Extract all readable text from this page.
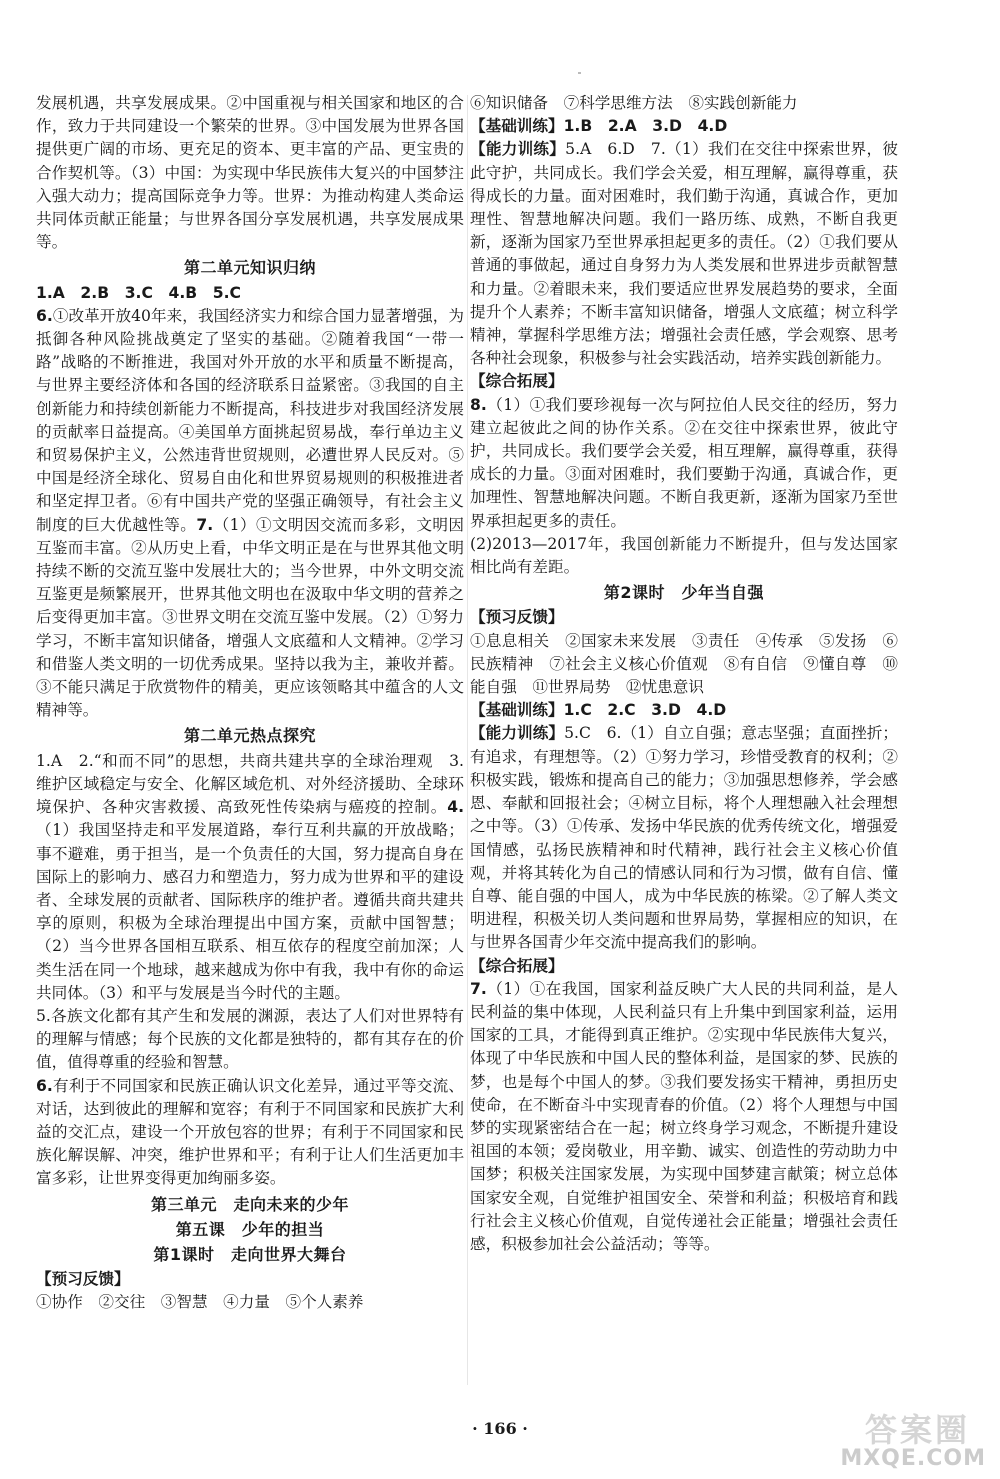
发展机遇，共享发展成果。②中国重视与相关国家和地区的合作，致力于共同建设一个繁荣的世界。③中国发展为世界各国提供更广阔的市场、更充足的资本、更丰富的产品、更宝贵的合作契机等。（3）中国：为实现中华民族伟大复兴的中国梦注入强大动力；提高国际竞争力等。世界：为推动构建人类命运共同体贡献正能量；与世界各国分享发展机遇，共享发展成果等。

第二单元知识归纳

1.A　2.B　3.C　4.B　5.C

6.①改革开放40年来，我国经济实力和综合国力显著增强，为抵御各种风险挑战奠定了坚实的基础。②随着我国“一带一路”战略的不断推进，我国对外开放的水平和质量不断提高，与世界主要经济体和各国的经济联系日益紧密。③我国的自主创新能力和持续创新能力不断提高，科技进步对我国经济发展的贡献率日益提高。④美国单方面挑起贸易战，奉行单边主义和贸易保护主义，公然违背世贸规则，必遭世界人民反对。⑤中国是经济全球化、贸易自由化和世界贸易规则的积极推进者和坚定捍卫者。⑥有中国共产党的坚强正确领导，有社会主义制度的巨大优越性等。7.（1）①文明因交流而多彩，文明因互鉴而丰富。②从历史上看，中华文明正是在与世界其他文明持续不断的交流互鉴中发展壮大的；当今世界，中外文明交流互鉴更是频繁展开，世界其他文明也在汲取中华文明的营养之后变得更加丰富。③世界文明在交流互鉴中发展。（2）①努力学习，不断丰富知识储备，增强人文底蕴和人文精神。②学习和借鉴人类文明的一切优秀成果。坚持以我为主，兼收并蓄。③不能只满足于欣赏物件的精美，更应该领略其中蕴含的人文精神等。

第二单元热点探究

1.A　2.“和而不同”的思想，共商共建共享的全球治理观　3.维护区域稳定与安全、化解区域危机、对外经济援助、全球环境保护、各种灾害救援、高致死性传染病与癌疫的控制。4.（1）我国坚持走和平发展道路，奉行互利共赢的开放战略；事不避难，勇于担当，是一个负责任的大国，努力提高自身在国际上的影响力、感召力和塑造力，努力成为世界和平的建设者、全球发展的贡献者、国际秩序的维护者。遵循共商共建共享的原则，积极为全球治理提出中国方案，贡献中国智慧；（2）当今世界各国相互联系、相互依存的程度空前加深；人类生活在同一个地球，越来越成为你中有我，我中有你的命运共同体。（3）和平与发展是当今时代的主题。

5.各族文化都有其产生和发展的渊源，表达了人们对世界特有的理解与情感；每个民族的文化都是独特的，都有其存在的价值，值得尊重的经验和智慧。

6.有利于不同国家和民族正确认识文化差异，通过平等交流、对话，达到彼此的理解和宽容；有利于不同国家和民族扩大利益的交汇点，建设一个开放包容的世界；有利于不同国家和民族化解误解、冲突，维护世界和平；有利于让人们生活更加丰富多彩，让世界变得更加绚丽多姿。

第三单元　走向未来的少年
第五课　少年的担当
第1课时　走向世界大舞台

【预习反馈】

①协作　②交往　③智慧　④力量　⑤个人素养

⑥知识储备　⑦科学思维方法　⑧实践创新能力

【基础训练】1.B　2.A　3.D　4.D

【能力训练】5.A　6.D　7.（1）我们在交往中探索世界，彼此守护，共同成长。我们学会关爱，相互理解，赢得尊重，获得成长的力量。面对困难时，我们勤于沟通，真诚合作，更加理性、智慧地解决问题。我们一路历练、成熟，不断自我更新，逐渐为国家乃至世界承担起更多的责任。（2）①我们要从普通的事做起，通过自身努力为人类发展和世界进步贡献智慧和力量。②着眼未来，我们要适应世界发展趋势的要求，全面提升个人素养；不断丰富知识储备，增强人文底蕴；树立科学精神，掌握科学思维方法；增强社会责任感，学会观察、思考各种社会现象，积极参与社会实践活动，培养实践创新能力。

【综合拓展】

8.（1）①我们要珍视每一次与阿拉伯人民交往的经历，努力建立起彼此之间的协作关系。②在交往中探索世界，彼此守护，共同成长。我们要学会关爱，相互理解，赢得尊重，获得成长的力量。③面对困难时，我们要勤于沟通，真诚合作，更加理性、智慧地解决问题。不断自我更新，逐渐为国家乃至世界承担起更多的责任。

(2)2013—2017年，我国创新能力不断提升，但与发达国家相比尚有差距。

第2课时　少年当自强

【预习反馈】

①息息相关　②国家未来发展　③责任　④传承　⑤发扬　⑥民族精神　⑦社会主义核心价值观　⑧有自信　⑨懂自尊　⑩能自强　⑪世界局势　⑫忧患意识

【基础训练】1.C　2.C　3.D　4.D

【能力训练】5.C　6.（1）自立自强；意志坚强；直面挫折；有追求，有理想等。（2）①努力学习，珍惜受教育的权利；②积极实践，锻炼和提高自己的能力；③加强思想修养，学会感恩、奉献和回报社会；④树立目标，将个人理想融入社会理想之中等。（3）①传承、发扬中华民族的优秀传统文化，增强爱国情感，弘扬民族精神和时代精神，践行社会主义核心价值观，并将其转化为自己的情感认同和行为习惯，做有自信、懂自尊、能自强的中国人，成为中华民族的栋梁。②了解人类文明进程，积极关切人类问题和世界局势，掌握相应的知识，在与世界各国青少年交流中提高我们的影响。

【综合拓展】

7.（1）①在我国，国家利益反映广大人民的共同利益，是人民利益的集中体现，人民利益只有上升集中到国家利益，运用国家的工具，才能得到真正维护。②实现中华民族伟大复兴，体现了中华民族和中国人民的整体利益，是国家的梦、民族的梦，也是每个中国人的梦。③我们要发扬实干精神，勇担历史使命，在不断奋斗中实现青春的价值。（2）将个人理想与中国梦的实现紧密结合在一起；树立终身学习观念，不断提升建设祖国的本领；爱岗敬业，用辛勤、诚实、创造性的劳动助力中国梦；积极关注国家发展，为实现中国梦建言献策；树立总体国家安全观，自觉维护祖国安全、荣誉和利益；积极培育和践行社会主义核心价值观，自觉传递社会正能量；增强社会责任感，积极参加社会公益活动；等等。

· 166 ·	答案圈
MXQE.COM
